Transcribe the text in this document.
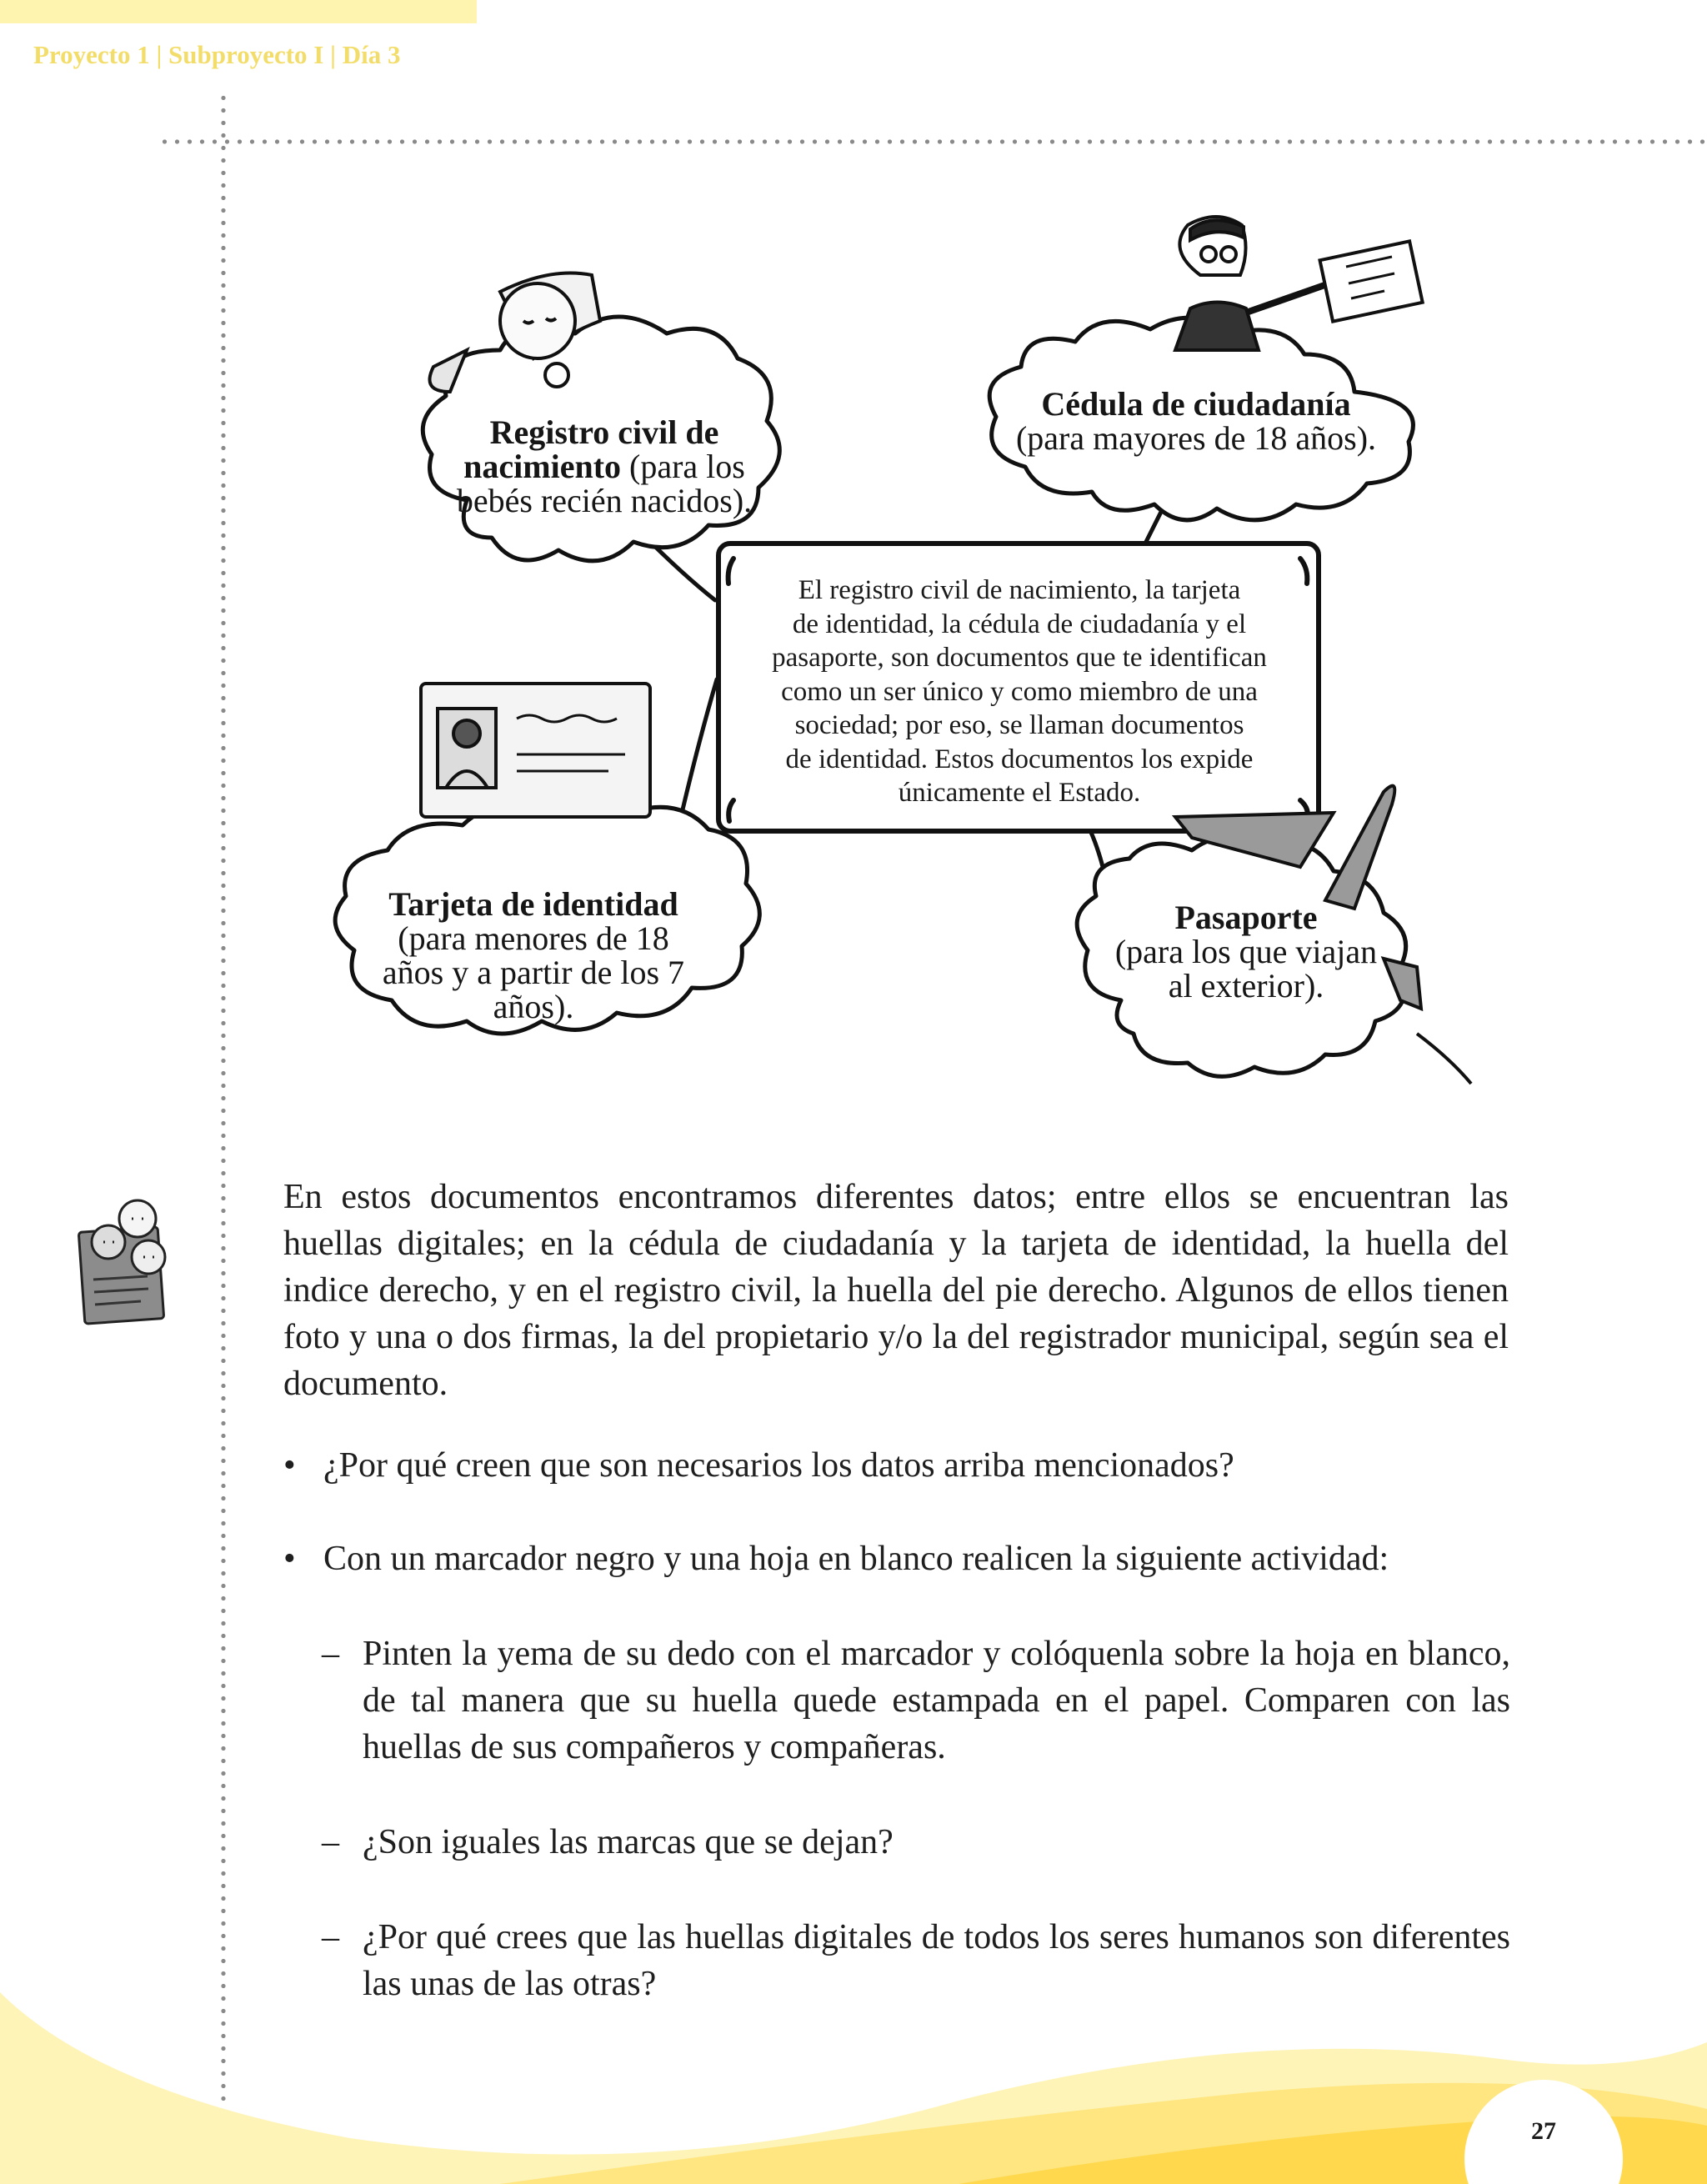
Proyecto 1 | Subproyecto I | Día 3
Registro civil de
nacimiento (para los
bebés recién nacidos).
Cédula de ciudadanía
(para mayores de 18 años).
Tarjeta de identidad
(para menores de 18
años y a partir de los 7
años).
Pasaporte
(para los que viajan
al exterior).
El registro civil de nacimiento, la tarjeta
de identidad, la cédula de ciudadanía y el
pasaporte, son documentos que te identifican
como un ser único y como miembro de una
sociedad; por eso, se llaman documentos
de identidad. Estos documentos los expide
únicamente el Estado.
En estos documentos encontramos diferentes datos; entre ellos se encuentran las huellas digitales; en la cédula de ciudadanía y la tarjeta de identidad, la huella del indice derecho, y en el registro civil, la huella del pie derecho. Algunos de ellos tienen foto y una o dos firmas, la del propietario y/o la del registrador municipal, según sea el documento.
• ¿Por qué creen que son necesarios los datos arriba mencionados?
• Con un marcador negro y una hoja en blanco realicen la siguiente actividad:
– Pinten la yema de su dedo con el marcador y colóquenla sobre la hoja en blanco, de tal manera que su huella quede estampada en el papel. Comparen con las huellas de sus compañeros y compañeras.
– ¿Son iguales las marcas que se dejan?
– ¿Por qué crees que las huellas digitales de todos los seres humanos son diferentes las unas de las otras?
27
